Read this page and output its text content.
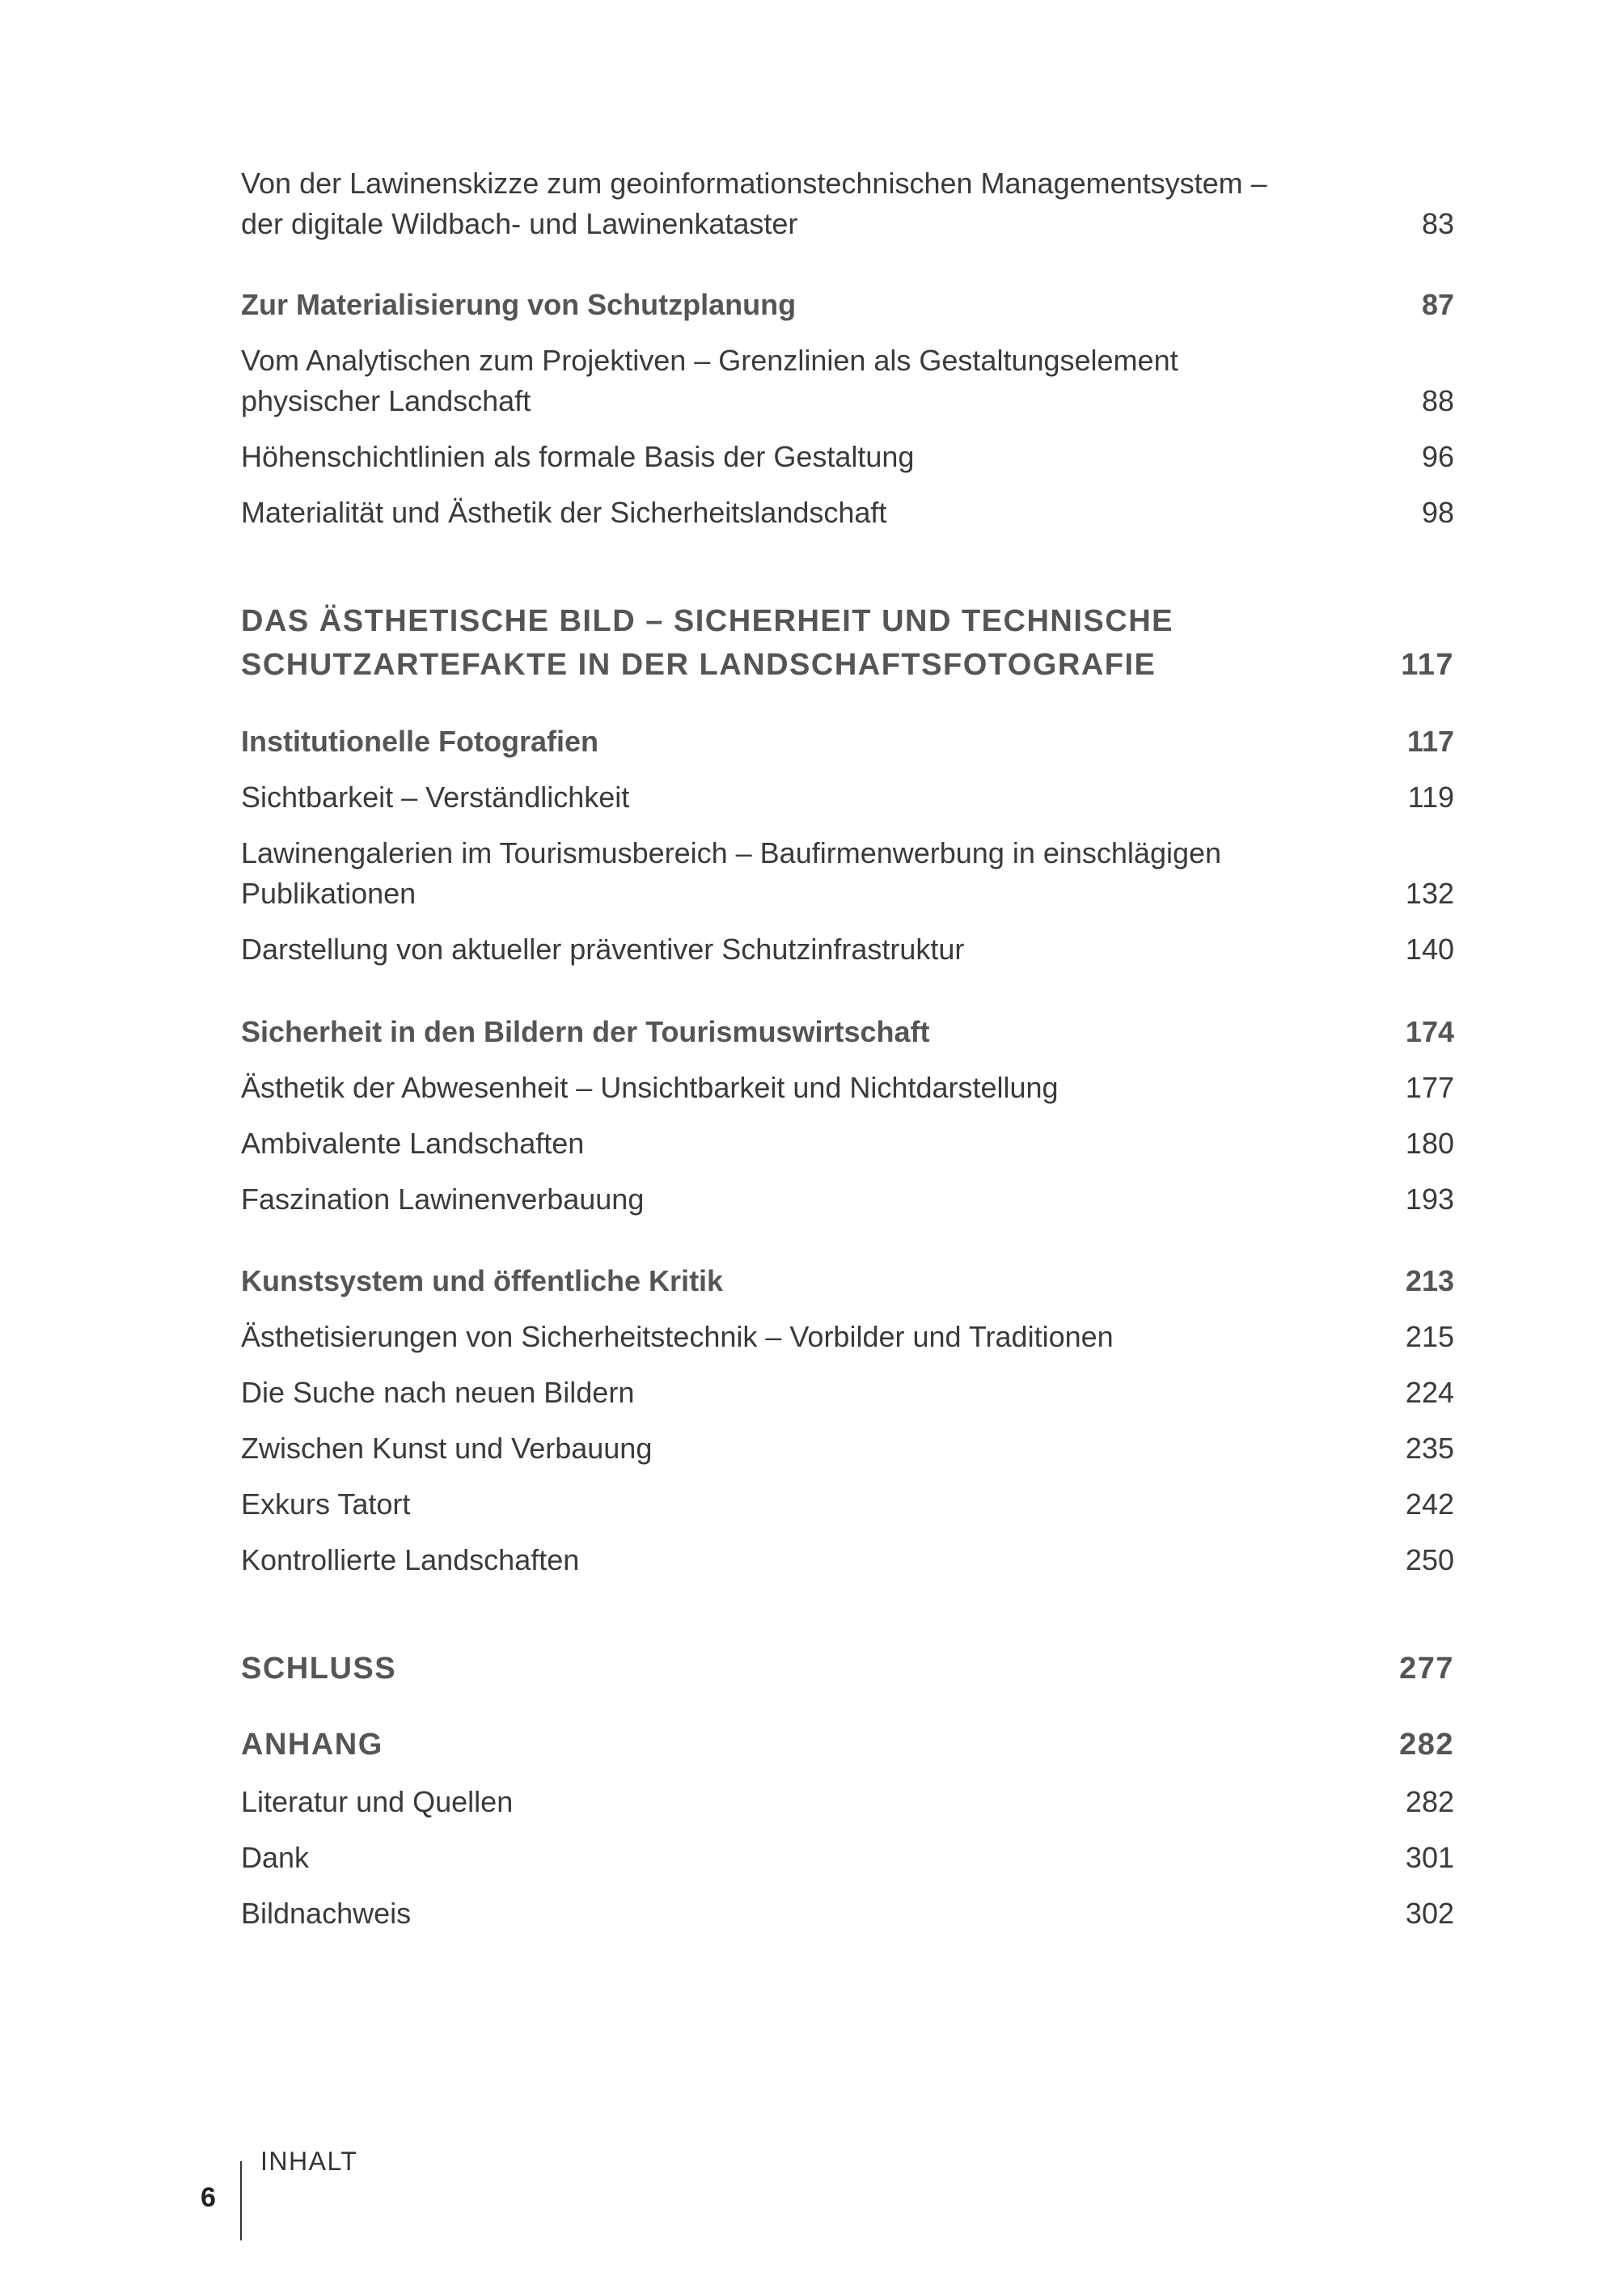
Von der Lawinenskizze zum geoinformationstechnischen Managementsystem – der digitale Wildbach- und Lawinenkataster	83
Zur Materialisierung von Schutzplanung	87
Vom Analytischen zum Projektiven – Grenzlinien als Gestaltungselement physischer Landschaft	88
Höhenschichtlinien als formale Basis der Gestaltung	96
Materialität und Ästhetik der Sicherheitslandschaft	98
DAS ÄSTHETISCHE BILD – SICHERHEIT UND TECHNISCHE SCHUTZARTEFAKTE IN DER LANDSCHAFTSFOTOGRAFIE	117
Institutionelle Fotografien	117
Sichtbarkeit – Verständlichkeit	119
Lawinengalerien im Tourismusbereich – Baufirmenwerbung in einschlägigen Publikationen	132
Darstellung von aktueller präventiver Schutzinfrastruktur	140
Sicherheit in den Bildern der Tourismuswirtschaft	174
Ästhetik der Abwesenheit – Unsichtbarkeit und Nichtdarstellung	177
Ambivalente Landschaften	180
Faszination Lawinenverbauung	193
Kunstsystem und öffentliche Kritik	213
Ästhetisierungen von Sicherheitstechnik – Vorbilder und Traditionen	215
Die Suche nach neuen Bildern	224
Zwischen Kunst und Verbauung	235
Exkurs Tatort	242
Kontrollierte Landschaften	250
SCHLUSS	277
ANHANG	282
Literatur und Quellen	282
Dank	301
Bildnachweis	302
6
INHALT
